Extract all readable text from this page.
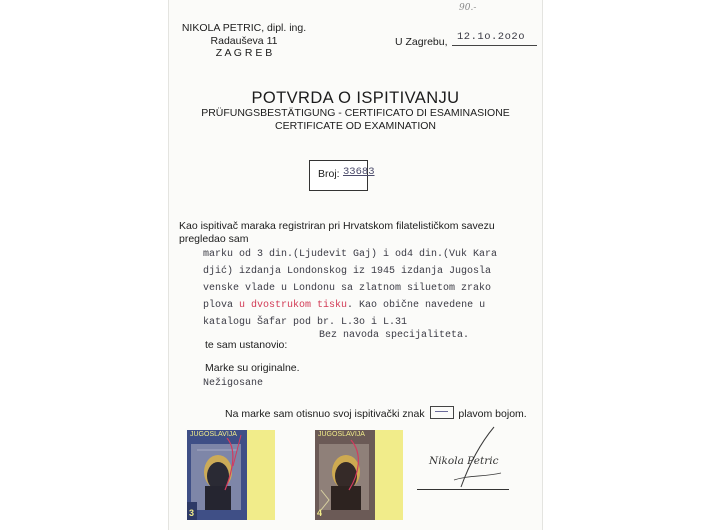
NIKOLA PETRIC, dipl. ing.
Radauševa 11
Z A G R E B
90.-
U Zagrebu, 12.1o.2o2o
POTVRDA O ISPITIVANJU
PRÜFUNGSBESTÄTIGUNG - CERTIFICATO DI ESAMINASIONE
CERTIFICATE OD EXAMINATION
Broj: 33683
Kao ispitivač maraka registriran pri Hrvatskom filatelističkom savezu
pregledao sam
marku od 3 din.(Ljudevit Gaj) i od4 din.(Vuk Kara
djić) izdanja Londonskog iz 1945 izdanja Jugosla
venske vlade u Londonu sa zlatnom siluetom zrako
plova u dvostrukom tisku. Kao obične navedene u
katalogu Šafar pod br. L.3o i L.31
Bez navoda specijaliteta.
te sam ustanovio:
Marke su originalne.
Nežigosane
Na marke sam otisnuo svoj ispitivački znak	plavom bojom.
JUGOSLAVIJA
3
JUGOSLAVIJA
4
Nikola Petric
